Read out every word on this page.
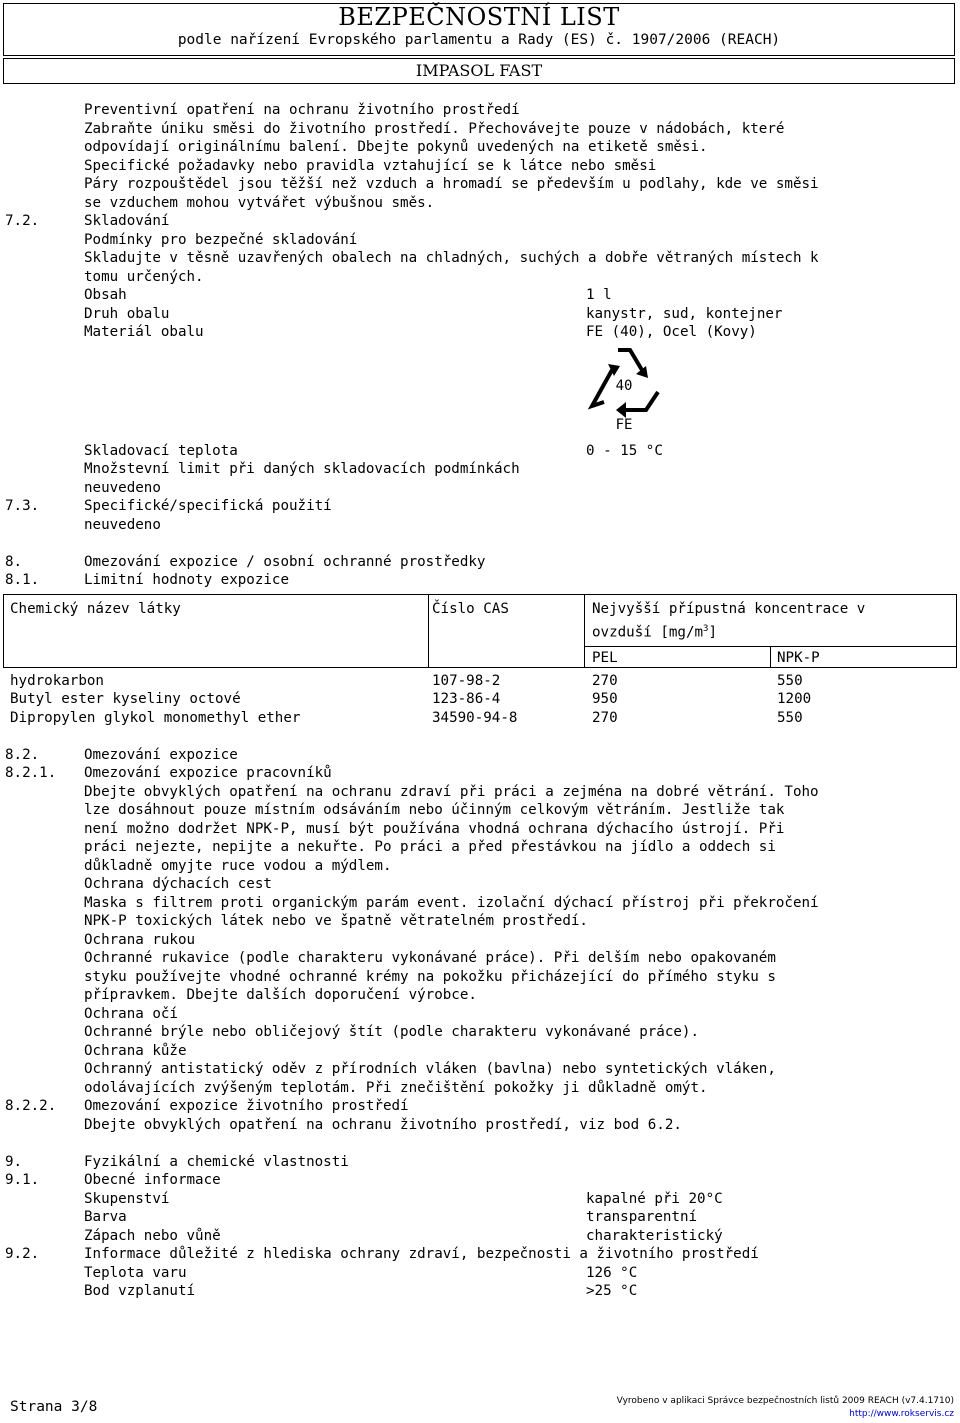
BEZPEČNOSTNÍ LIST
podle nařízení Evropského parlamentu a Rady (ES) č. 1907/2006 (REACH)
IMPASOL FAST
Preventivní opatření na ochranu životního prostředí
Zabraňte úniku směsi do životního prostředí. Přechovávejte pouze v nádobách, které
odpovídají originálnímu balení. Dbejte pokynů uvedených na etiketě směsi.
Specifické požadavky nebo pravidla vztahující se k látce nebo směsi
Páry rozpouštědel jsou těžší než vzduch a hromadí se především u podlahy, kde ve směsi
se vzduchem mohou vytvářet výbušnou směs.
7.2.	Skladování
Podmínky pro bezpečné skladování
Skladujte v těsně uzavřených obalech na chladných, suchých a dobře větraných místech k
tomu určených.
Obsah	1 l
Druh obalu	kanystr, sud, kontejner
Materiál obalu	FE (40), Ocel (Kovy)
40
FE
Skladovací teplota	0 - 15 °C
Množstevní limit při daných skladovacích podmínkách
neuvedeno
7.3.	Specifické/specifická použití
neuvedeno
8.	Omezování expozice / osobní ochranné prostředky
8.1.	Limitní hodnoty expozice
Chemický název látky	Číslo CAS	Nejvyšší přípustná koncentrace v
ovzduší $[mg/m^3]$
PEL	NPK-P
hydrokarbon	107-98-2	270	550
Butyl ester kyseliny octové	123-86-4	950	1200
Dipropylen glykol monomethyl ether	34590-94-8	270	550
8.2.	Omezování expozice
8.2.1. Omezování expozice pracovníků
Dbejte obvyklých opatření na ochranu zdraví při práci a zejména na dobré větrání. Toho
lze dosáhnout pouze místním odsáváním nebo účinným celkovým větráním. Jestliže tak
není možno dodržet NPK-P, musí být používána vhodná ochrana dýchacího ústrojí. Při
práci nejezte, nepijte a nekuřte. Po práci a před přestávkou na jídlo a oddech si
důkladně omyjte ruce vodou a mýdlem.
Ochrana dýchacích cest
Maska s filtrem proti organickým parám event. izolační dýchací přístroj při překročení
NPK-P toxických látek nebo ve špatně větratelném prostředí.
Ochrana rukou
Ochranné rukavice (podle charakteru vykonávané práce). Při delším nebo opakovaném
styku používejte vhodné ochranné krémy na pokožku přicházející do přímého styku s
přípravkem. Dbejte dalších doporučení výrobce.
Ochrana očí
Ochranné brýle nebo obličejový štít (podle charakteru vykonávané práce).
Ochrana kůže
Ochranný antistatický oděv z přírodních vláken (bavlna) nebo syntetických vláken,
odolávajících zvýšeným teplotám. Při znečištění pokožky ji důkladně omýt.
8.2.2. Omezování expozice životního prostředí
Dbejte obvyklých opatření na ochranu životního prostředí, viz bod 6.2.
9.	Fyzikální a chemické vlastnosti
9.1.	Obecné informace
Skupenství	kapalné při 20°C
Barva	transparentní
Zápach nebo vůně	charakteristický
9.2.	Informace důležité z hlediska ochrany zdraví, bezpečnosti a životního prostředí
Teplota varu	126 °C
Bod vzplanutí	>25 °C
Strana 3/8	Vyrobeno v aplikaci Správce bezpečnostních listů 2009 REACH (v7.4.1710)
http://www.rokservis.cz
